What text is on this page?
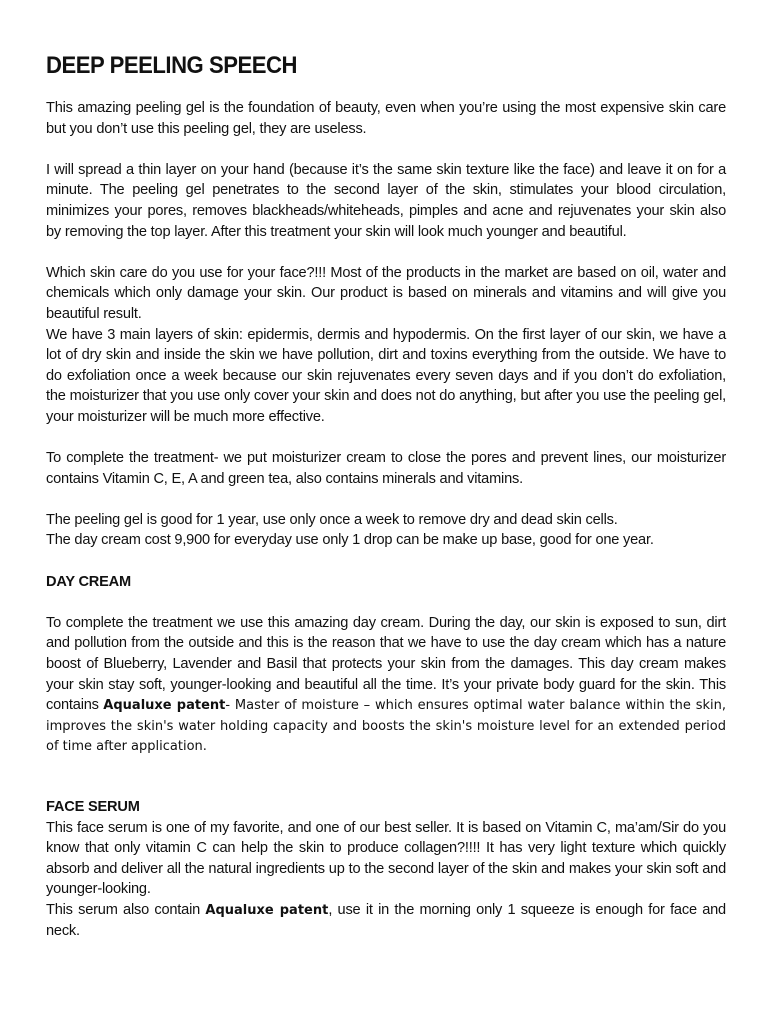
DEEP PEELING SPEECH

This amazing peeling gel is the foundation of beauty, even when you’re using the most expensive skin care but you don’t use this peeling gel, they are useless.

I will spread a thin layer on your hand (because it’s the same skin texture like the face) and leave it on for a minute. The peeling gel penetrates to the second layer of the skin, stimulates your blood circulation, minimizes your pores, removes blackheads/whiteheads, pimples and acne and rejuvenates your skin also by removing the top layer. After this treatment your skin will look much younger and beautiful.

Which skin care do you use for your face?!!! Most of the products in the market are based on oil, water and chemicals which only damage your skin. Our product is based on minerals and vitamins and will give you beautiful result.

We have 3 main layers of skin: epidermis, dermis and hypodermis. On the first layer of our skin, we have a lot of dry skin and inside the skin we have pollution, dirt and toxins everything from the outside. We have to do exfoliation once a week because our skin rejuvenates every seven days and if you don’t do exfoliation, the moisturizer that you use only cover your skin and does not do anything, but after you use the peeling gel, your moisturizer will be much more effective.

To complete the treatment- we put moisturizer cream to close the pores and prevent lines, our moisturizer contains Vitamin C, E, A and green tea, also contains minerals and vitamins.

The peeling gel is good for 1 year, use only once a week to remove dry and dead skin cells.

The day cream cost 9,900 for everyday use only 1 drop can be make up base, good for one year.

DAY CREAM

To complete the treatment we use this amazing day cream. During the day, our skin is exposed to sun, dirt and pollution from the outside and this is the reason that we have to use the day cream which has a nature boost of Blueberry, Lavender and Basil that protects your skin from the damages. This day cream makes your skin stay soft, younger-looking and beautiful all the time. It’s your private body guard for the skin. This contains Aqualuxe patent- Master of moisture – which ensures optimal water balance within the skin, improves the skin's water holding capacity and boosts the skin's moisture level for an extended period of time after application.

FACE SERUM

This face serum is one of my favorite, and one of our best seller. It is based on Vitamin C, ma’am/Sir do you know that only vitamin C can help the skin to produce collagen?!!!! It has very light texture which quickly absorb and deliver all the natural ingredients up to the second layer of the skin and makes your skin soft and younger-looking.

This serum also contain Aqualuxe patent, use it in the morning only 1 squeeze is enough for face and neck.
